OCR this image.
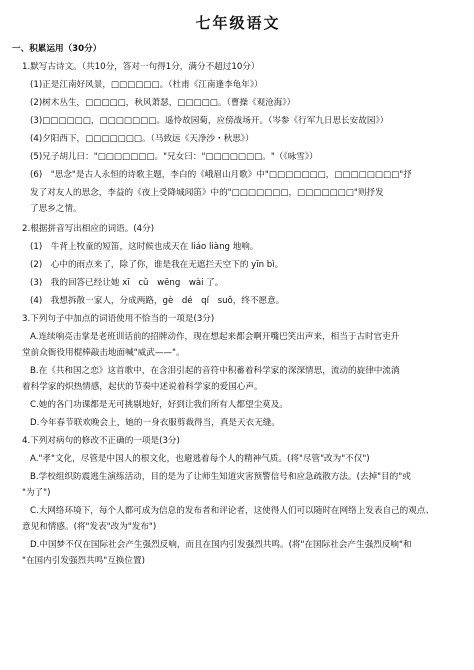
七年级语文
一、积累运用（30分）
1.默写古诗文。（共10分，答对一句得1分，满分不超过10分）
(1)正是江南好风景，□□□□□□。（杜甫《江南逢李龟年》）
(2)树木丛生，□□□□□，秋风萧瑟，□□□□□。（曹操《观沧海》）
(3)□□□□□□，□□□□□□□。遥怜故园菊，应傍战场开。（岑参《行军九日思长安故园》）
(4)夕阳西下，□□□□□□□。（马致远《天净沙・秋思》）
(5)兄子胡儿曰："□□□□□□□。"兄女曰："□□□□□□□。"（《咏雪》）
(6)　"思念"是古人永恒的诗歌主题，李白的《峨眉山月歌》中"□□□□□□□，□□□□□□□□"抒
发了对友人的思念，李益的《夜上受降城闻笛》中的"□□□□□□□，□□□□□□□"则抒发
了思乡之情。
2.根据拼音写出相应的词语。(4分)
(1)　牛背上牧童的短笛，这时候也成天在 liáo liàng 地响。
(2)　心中的雨点来了，除了你，谁是我在无遮拦天空下的 yīn bì。
(3)　我的回答已经让她 xī　cǔ　wēng　wài 了。
(4)　我想拆散一家人，分成两路，gè　dé　qí　suǒ，终不愿意。
3.下列句子中加点的词语使用不恰当的一项是(3分)
A.连续响亮击掌是老班训话前的招牌动作，现在想起来都会啊开嘴巴笑出声来，相当于古时官吏升
堂前众衙役用棍棒敲击地面喊"威武——"。
B.在《共和国之恋》这首歌中，在含泪引起的音符中积蓄着科学家的深深情思，流动的旋律中流淌
着科学家的炽热情感，起伏的节奏中述说着科学家的爱国心声。
C.她的各门功课都是无可挑剔地好，好到让我们所有人都望尘莫及。
D.今年春节联欢晚会上，她的一身衣服剪裁得当，真是天衣无缝。
4.下列对病句的修改不正确的一项是(3分)
A."孝"文化，尽管是中国人的根文化，也避逃着每个人的精神气质。(将"尽管"改为"不仅")
B.学校组织防震逃生演练活动，目的是为了让师生知道灾害预警信号和应急疏散方法。(去掉"目的"或
"为了")
C.大网络环境下，每个人都可成为信息的发布者和评论者，这使得人们可以随时在网络上发表自己的观点、
意见和情感。(将"发表"改为"发布")
D.中国梦不仅在国际社会产生强烈反响，而且在国内引发强烈共鸣。(将"在国际社会产生强烈反响"和
"在国内引发强烈共鸣"互换位置)
